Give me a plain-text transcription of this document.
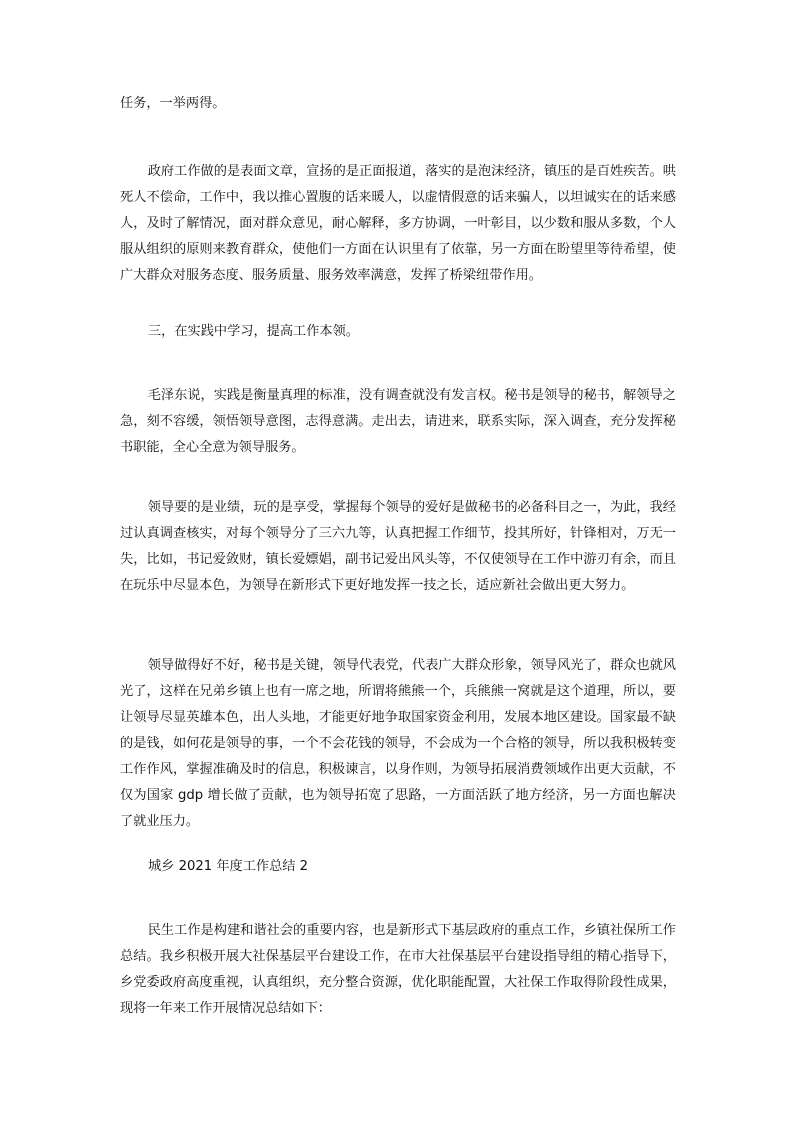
任务，一举两得。

政府工作做的是表面文章，宣扬的是正面报道，落实的是泡沫经济，镇压的是百姓疾苦。哄死人不偿命，工作中，我以推心置腹的话来暖人，以虚情假意的话来骗人，以坦诚实在的话来感人，及时了解情况，面对群众意见，耐心解释，多方协调，一叶彰目，以少数和服从多数，个人服从组织的原则来教育群众，使他们一方面在认识里有了依靠，另一方面在盼望里等待希望，使广大群众对服务态度、服务质量、服务效率满意，发挥了桥梁纽带作用。

三，在实践中学习，提高工作本领。

毛泽东说，实践是衡量真理的标准，没有调查就没有发言权。秘书是领导的秘书，解领导之急，刻不容缓，领悟领导意图，志得意满。走出去，请进来，联系实际，深入调查，充分发挥秘书职能，全心全意为领导服务。

领导要的是业绩，玩的是享受，掌握每个领导的爱好是做秘书的必备科目之一，为此，我经过认真调查核实，对每个领导分了三六九等，认真把握工作细节，投其所好，针锋相对，万无一失，比如，书记爱敛财，镇长爱嫖娼，副书记爱出风头等，不仅使领导在工作中游刃有余，而且在玩乐中尽显本色，为领导在新形式下更好地发挥一技之长，适应新社会做出更大努力。

领导做得好不好，秘书是关键，领导代表党，代表广大群众形象，领导风光了，群众也就风光了，这样在兄弟乡镇上也有一席之地，所谓将熊熊一个，兵熊熊一窝就是这个道理，所以，要让领导尽显英雄本色，出人头地，才能更好地争取国家资金利用，发展本地区建设。国家最不缺的是钱，如何花是领导的事，一个不会花钱的领导，不会成为一个合格的领导，所以我积极转变工作作风，掌握准确及时的信息，积极谏言，以身作则，为领导拓展消费领域作出更大贡献，不仅为国家 gdp 增长做了贡献，也为领导拓宽了思路，一方面活跃了地方经济，另一方面也解决了就业压力。

城乡 2021 年度工作总结 2

民生工作是构建和谐社会的重要内容，也是新形式下基层政府的重点工作，乡镇社保所工作总结。我乡积极开展大社保基层平台建设工作，在市大社保基层平台建设指导组的精心指导下，乡党委政府高度重视，认真组织，充分整合资源，优化职能配置，大社保工作取得阶段性成果，现将一年来工作开展情况总结如下：
